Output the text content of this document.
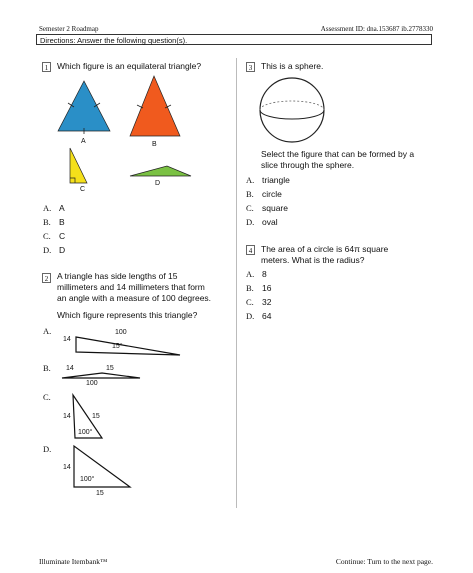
Semester 2 Roadmap	Assessment ID: dna.153687 ib.2778330
Directions: Answer the following question(s).
1	Which figure is an equilateral triangle?
A	B
C
D
A. A
B. B
C. C
D. D
2	A triangle has side lengths of 15
millimeters and 14 millimeters that form
an angle with a measure of 100 degrees.
Which figure represents this triangle?
A.
14
100
15°
B.	14	15
100
C.
14	15
100°
D.
14
100°
15
3	This is a sphere.
Select the figure that can be formed by a
slice through the sphere.
A. triangle
B. circle
C. square
D. oval
4	The area of a circle is 64π square
meters. What is the radius?
A. 8
B. 16
C. 32
D. 64
Illuminate Itembank™	Continue: Turn to the next page.
